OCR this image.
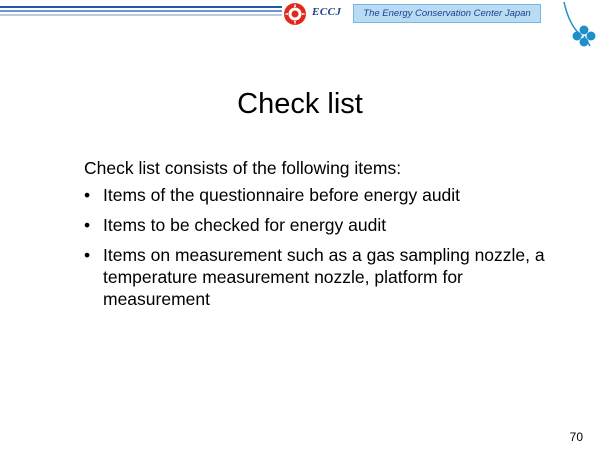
ECCJ	The Energy Conservation Center Japan
Check list
Check list consists of the following items:
• Items of the questionnaire before energy audit
• Items to be checked for energy audit
• Items on measurement such as a gas sampling nozzle, a temperature measurement nozzle, platform for measurement
70
